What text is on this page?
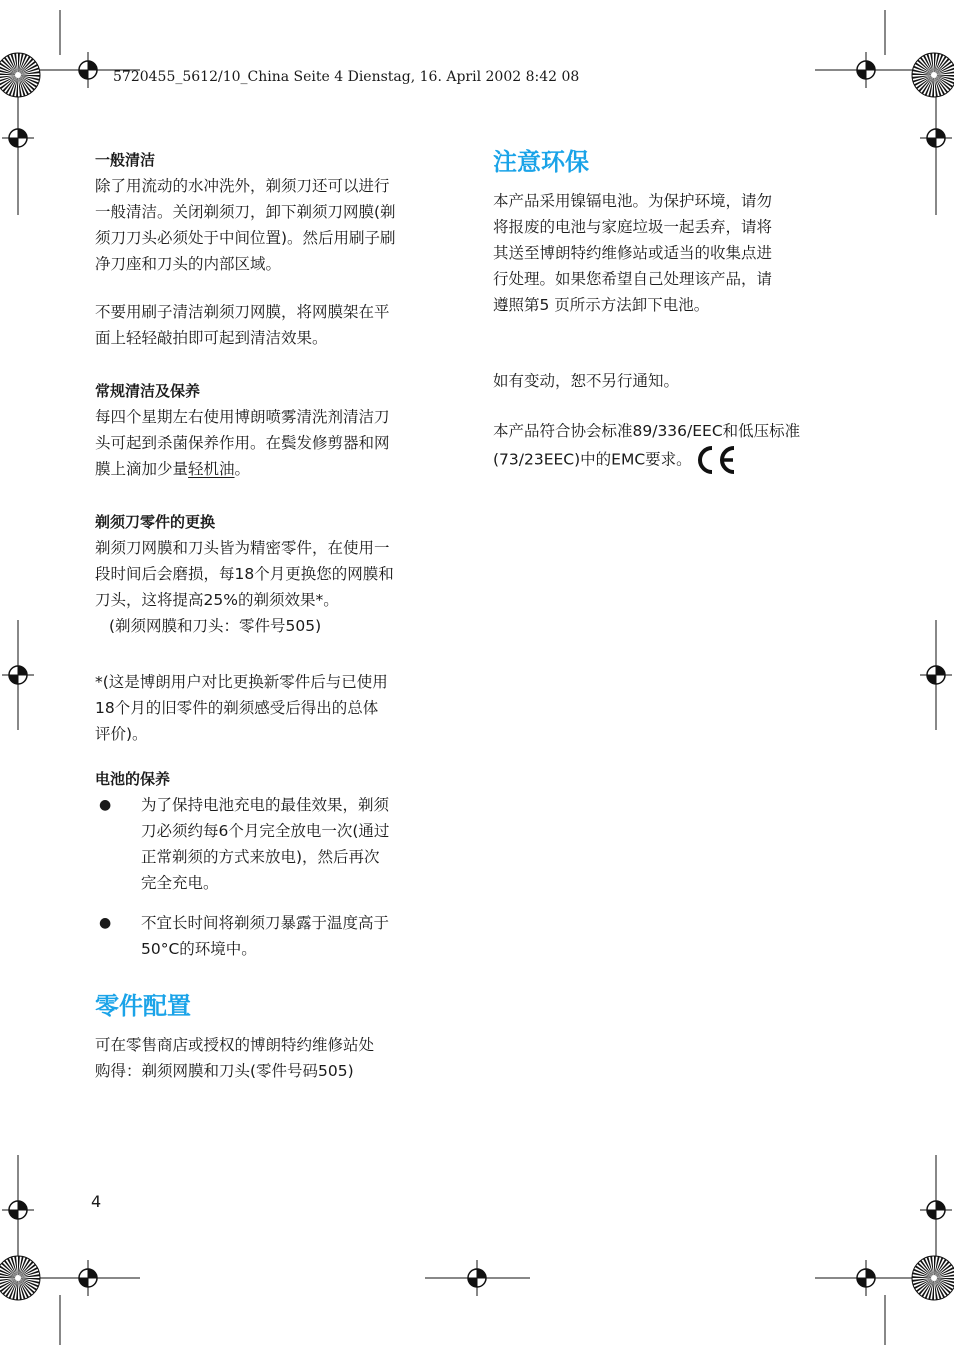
5720455_5612/10_China Seite 4 Dienstag, 16. April 2002 8:42 08
一般清洁
除了用流动的水冲洗外，剃须刀还可以进行
一般清洁。关闭剃须刀，卸下剃须刀网膜(剃
须刀刀头必须处于中间位置)。然后用刷子刷
净刀座和刀头的内部区域。
不要用刷子清洁剃须刀网膜，将网膜架在平
面上轻轻敲拍即可起到清洁效果。
常规清洁及保养
每四个星期左右使用博朗喷雾清洗剂清洁刀
头可起到杀菌保养作用。在鬓发修剪器和网
膜上滴加少量轻机油。
剃须刀零件的更换
剃须刀网膜和刀头皆为精密零件，在使用一
段时间后会磨损，每18个月更换您的网膜和
刀头，这将提高25%的剃须效果*。
(剃须网膜和刀头：零件号505)
*(这是博朗用户对比更换新零件后与已使用
18个月的旧零件的剃须感受后得出的总体
评价)。
电池的保养
● 为了保持电池充电的最佳效果，剃须
刀必须约每6个月完全放电一次(通过
正常剃须的方式来放电)，然后再次
完全充电。
● 不宜长时间将剃须刀暴露于温度高于
50°C的环境中。
零件配置
可在零售商店或授权的博朗特约维修站处
购得：剃须网膜和刀头(零件号码505)
注意环保
本产品采用镍镉电池。为保护环境，请勿
将报废的电池与家庭垃圾一起丢弃，请将
其送至博朗特约维修站或适当的收集点进
行处理。如果您希望自己处理该产品，请
遵照第5 页所示方法卸下电池。
如有变动，恕不另行通知。
本产品符合协会标准89/336/EEC和低压标准
(73/23EEC)中的EMC要求。
4
